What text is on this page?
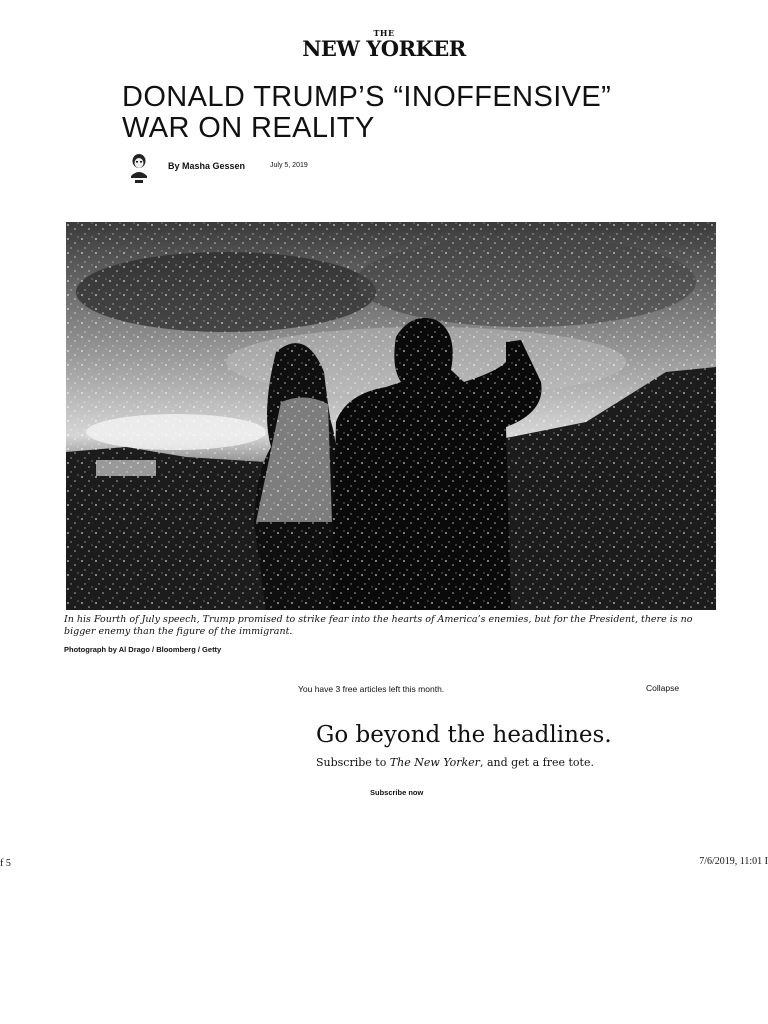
THE
NEW YORKER
DONALD TRUMP’S “INOFFENSIVE”
WAR ON REALITY
By Masha Gessen	July 5, 2019
In his Fourth of July speech, Trump promised to strike fear into the hearts of America’s enemies, but for the President, there is no bigger enemy than the figure of the immigrant.
Photograph by Al Drago / Bloomberg / Getty
You have 3 free articles left this month.	Collapse
Go beyond the headlines.
Subscribe to The New Yorker, and get a free tote.
Subscribe now
f 5	7/6/2019, 11:01 I
